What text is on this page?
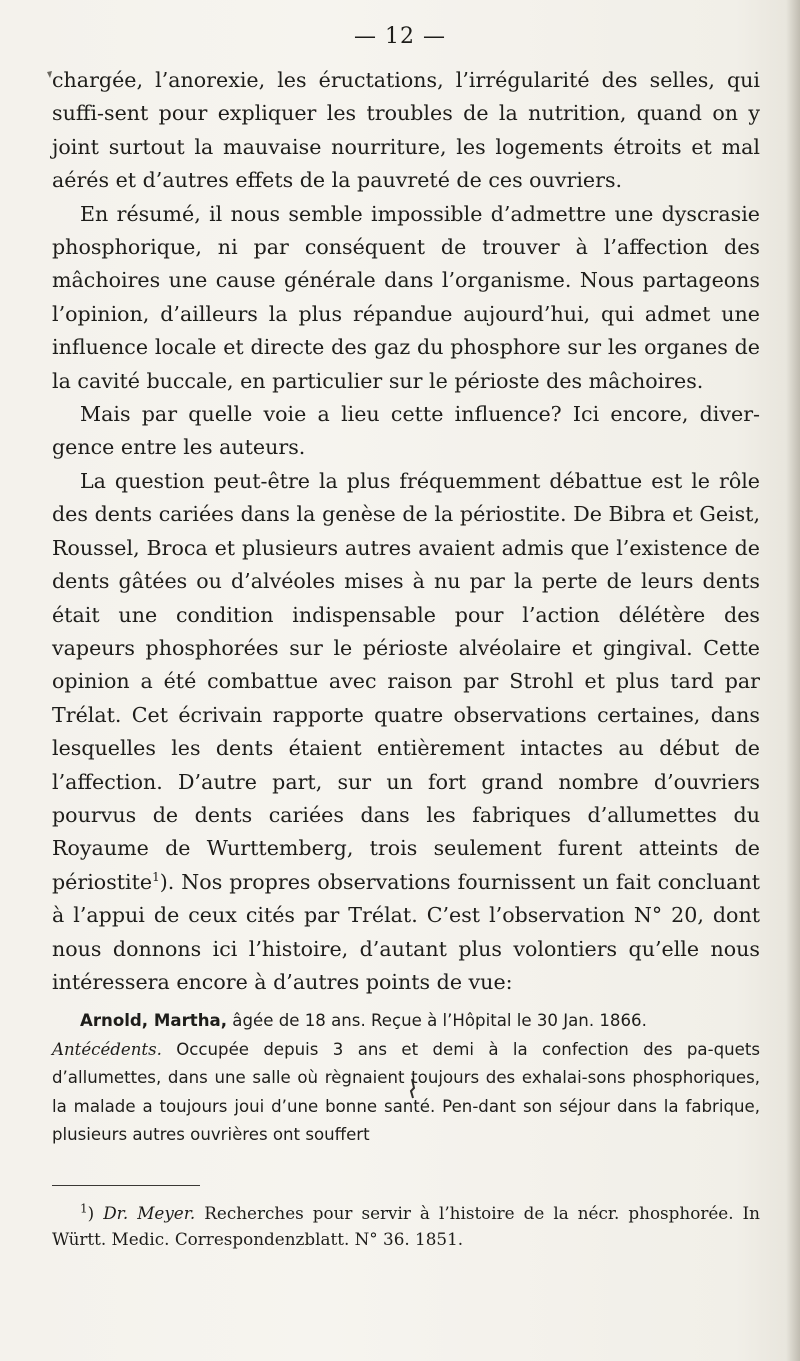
— 12 —

chargée, l’anorexie, les éructations, l’irrégularité des selles, qui suffi-sent pour expliquer les troubles de la nutrition, quand on y joint surtout la mauvaise nourriture, les logements étroits et mal aérés et d’autres effets de la pauvreté de ces ouvriers.

En résumé, il nous semble impossible d’admettre une dyscrasie phosphorique, ni par conséquent de trouver à l’affection des mâchoires une cause générale dans l’organisme. Nous partageons l’opinion, d’ailleurs la plus répandue aujourd’hui, qui admet une influence locale et directe des gaz du phosphore sur les organes de la cavité buccale, en particulier sur le périoste des mâchoires.

Mais par quelle voie a lieu cette influence? Ici encore, diver-gence entre les auteurs.

La question peut-être la plus fréquemment débattue est le rôle des dents cariées dans la genèse de la périostite. De Bibra et Geist, Roussel, Broca et plusieurs autres avaient admis que l’existence de dents gâtées ou d’alvéoles mises à nu par la perte de leurs dents était une condition indispensable pour l’action délétère des vapeurs phosphorées sur le périoste alvéolaire et gingival. Cette opinion a été combattue avec raison par Strohl et plus tard par Trélat. Cet écrivain rapporte quatre observations certaines, dans lesquelles les dents étaient entièrement intactes au début de l’affection. D’autre part, sur un fort grand nombre d’ouvriers pourvus de dents cariées dans les fabriques d’allumettes du Royaume de Wurttemberg, trois seulement furent atteints de périostite$^1$). Nos propres observations fournissent un fait concluant à l’appui de ceux cités par Trélat. C’est l’observation N° 20, dont nous donnons ici l’histoire, d’autant plus volontiers qu’elle nous intéressera encore à d’autres points de vue:

Arnold, Martha, âgée de 18 ans. Reçue à l’Hôpital le 30 Jan. 1866.

Antécédents. Occupée depuis 3 ans et demi à la confection des pa-quets d’allumettes, dans une salle où règnaient toujours des exhalai-sons phosphoriques, la malade a toujours joui d’une bonne santé. Pen-dant son séjour dans la fabrique, plusieurs autres ouvrières ont souffert

$^1$) Dr. Meyer. Recherches pour servir à l’histoire de la nécr. phosphorée. In Württ. Medic. Correspondenzblatt. N° 36. 1851.
